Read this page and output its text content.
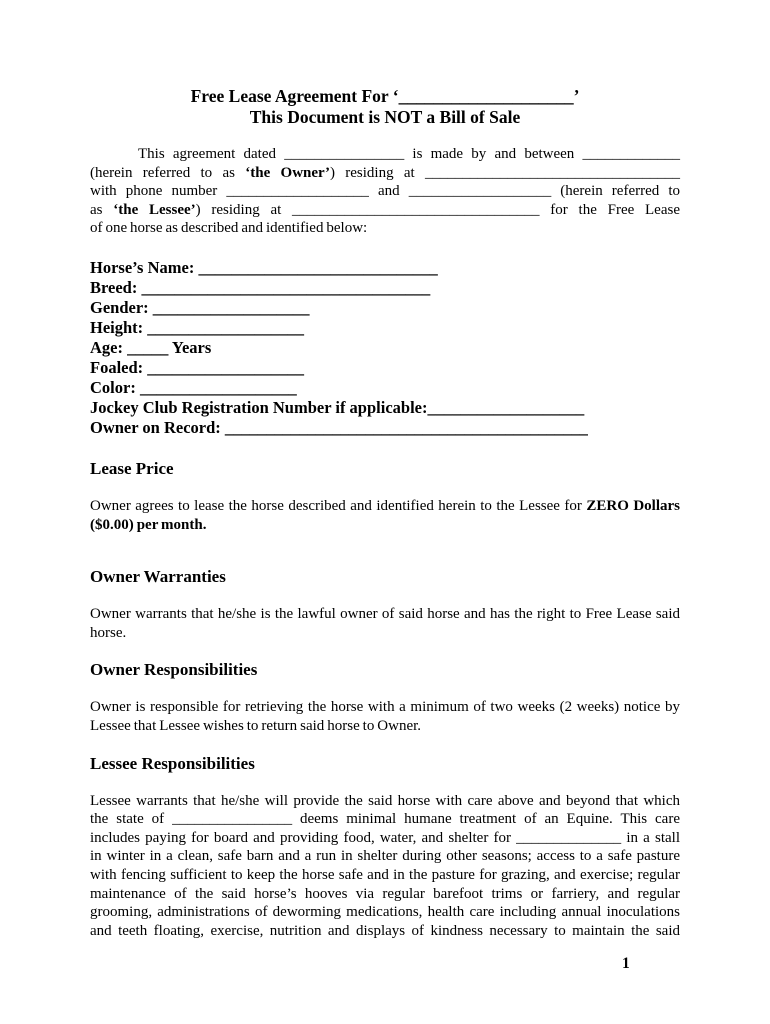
Free Lease Agreement For ‘____________________’
This Document is NOT a Bill of Sale
This agreement dated ________________ is made by and between _____________
(herein referred to as ‘the Owner’) residing at __________________________________
with phone number ___________________ and ___________________ (herein referred to
as ‘the Lessee’) residing at _________________________________ for the Free Lease
of one horse as described and identified below:
Horse’s Name: _____________________________
Breed: ___________________________________
Gender: ___________________
Height: ___________________
Age: _____ Years
Foaled: ___________________
Color: ___________________
Jockey Club Registration Number if applicable:___________________
Owner on Record: ____________________________________________
Lease Price
Owner agrees to lease the horse described and identified herein to the Lessee for ZERO Dollars
($0.00) per month.
Owner Warranties
Owner warrants that he/she is the lawful owner of said horse and has the right to Free Lease said
horse.
Owner Responsibilities
Owner is responsible for retrieving the horse with a minimum of two weeks (2 weeks) notice by
Lessee that Lessee wishes to return said horse to Owner.
Lessee Responsibilities
Lessee warrants that he/she will provide the said horse with care above and beyond that which
the state of ________________ deems minimal humane treatment of an Equine. This care
includes paying for board and providing food, water, and shelter for ______________ in a stall
in winter in a clean, safe barn and a run in shelter during other seasons; access to a safe pasture
with fencing sufficient to keep the horse safe and in the pasture for grazing, and exercise; regular
maintenance of the said horse’s hooves via regular barefoot trims or farriery, and regular
grooming, administrations of deworming medications, health care including annual inoculations
and teeth floating, exercise, nutrition and displays of kindness necessary to maintain the said
1
